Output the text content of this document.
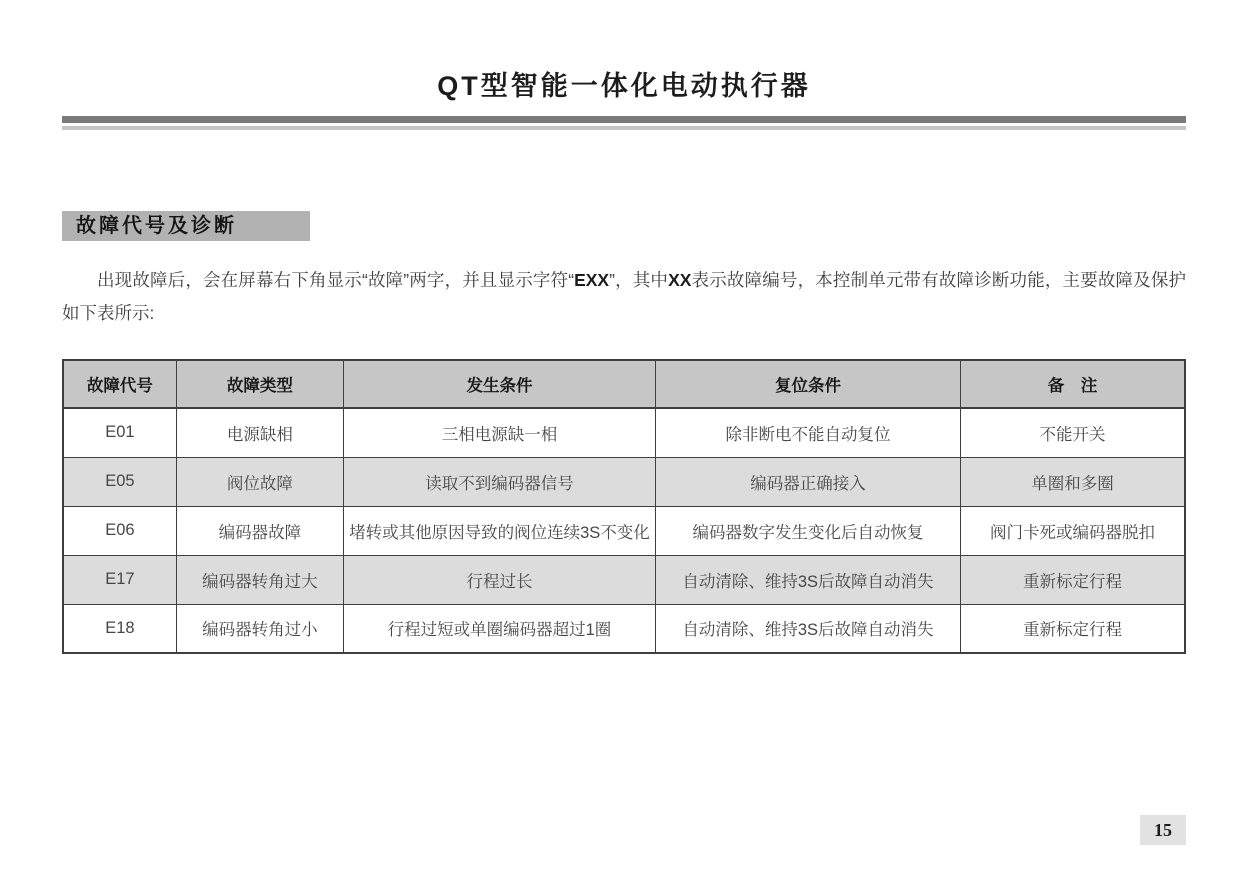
QT型智能一体化电动执行器
故障代号及诊断

出现故障后，会在屏幕右下角显示“故障”两字，并且显示字符“EXX”，其中XX表示故障编号，本控制单元带有故障诊断功能，主要故障及保护如下表所示:

故障代号	故障类型	发生条件	复位条件	备　注
E01	电源缺相	三相电源缺一相	除非断电不能自动复位	不能开关
E05	阀位故障	读取不到编码器信号	编码器正确接入	单圈和多圈
E06	编码器故障	堵转或其他原因导致的阀位连续3S不变化	编码器数字发生变化后自动恢复	阀门卡死或编码器脱扣
E17	编码器转角过大	行程过长	自动清除、维持3S后故障自动消失	重新标定行程
E18	编码器转角过小	行程过短或单圈编码器超过1圈	自动清除、维持3S后故障自动消失	重新标定行程
15
